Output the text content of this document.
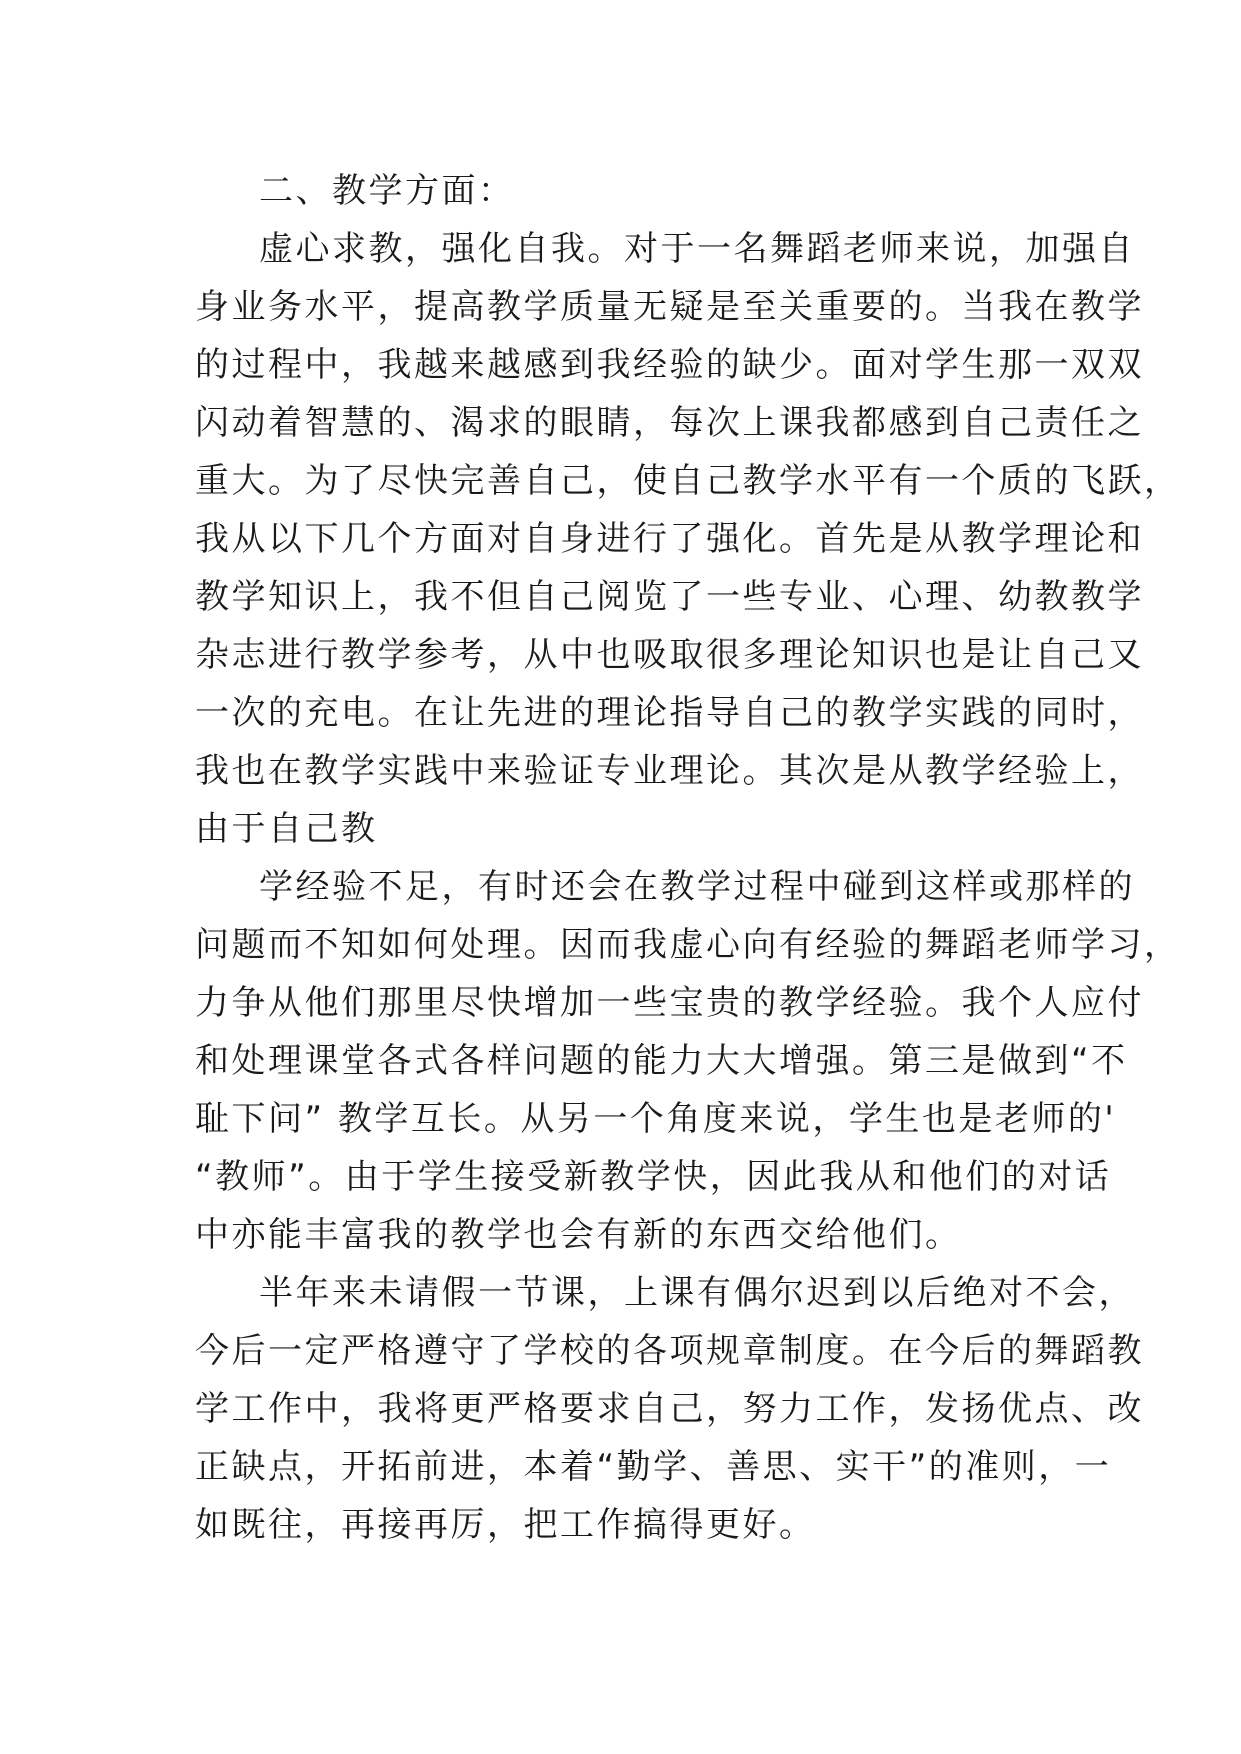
二、教学方面：
虚心求教，强化自我。对于一名舞蹈老师来说，加强自
身业务水平，提高教学质量无疑是至关重要的。当我在教学
的过程中，我越来越感到我经验的缺少。面对学生那一双双
闪动着智慧的、渴求的眼睛，每次上课我都感到自己责任之
重大。为了尽快完善自己，使自己教学水平有一个质的飞跃，
我从以下几个方面对自身进行了强化。首先是从教学理论和
教学知识上，我不但自己阅览了一些专业、心理、幼教教学
杂志进行教学参考，从中也吸取很多理论知识也是让自己又
一次的充电。在让先进的理论指导自己的教学实践的同时，
我也在教学实践中来验证专业理论。其次是从教学经验上，
由于自己教
学经验不足，有时还会在教学过程中碰到这样或那样的
问题而不知如何处理。因而我虚心向有经验的舞蹈老师学习，
力争从他们那里尽快增加一些宝贵的教学经验。我个人应付
和处理课堂各式各样问题的能力大大增强。第三是做到“不
耻下问” 教学互长。从另一个角度来说，学生也是老师的'
“教师”。由于学生接受新教学快，因此我从和他们的对话
中亦能丰富我的教学也会有新的东西交给他们。
半年来未请假一节课，上课有偶尔迟到以后绝对不会，
今后一定严格遵守了学校的各项规章制度。在今后的舞蹈教
学工作中，我将更严格要求自己，努力工作，发扬优点、改
正缺点，开拓前进，本着“勤学、善思、实干”的准则，一
如既往，再接再厉，把工作搞得更好。
